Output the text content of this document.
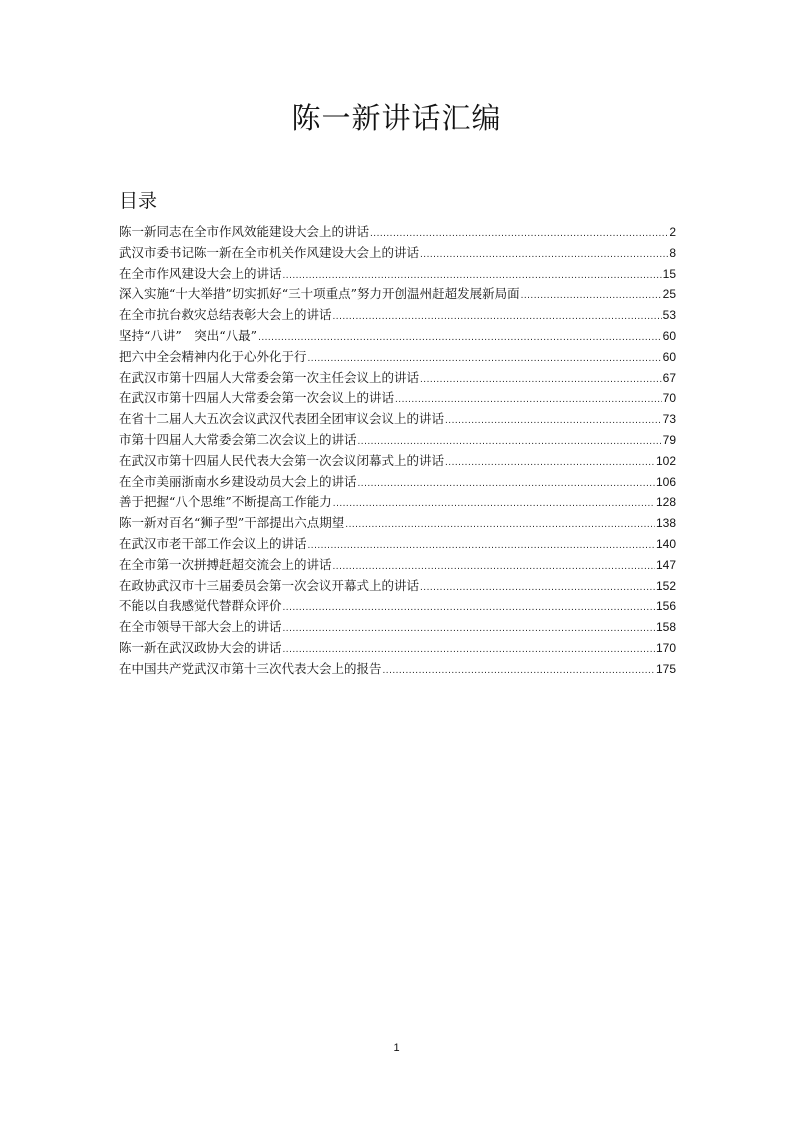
陈一新讲话汇编
目录
陈一新同志在全市作风效能建设大会上的讲话 .....	2
武汉市委书记陈一新在全市机关作风建设大会上的讲话 .....	8
在全市作风建设大会上的讲话 .....	15
深入实施“十大举措”切实抓好“三十项重点”努力开创温州赶超发展新局面 .....	25
在全市抗台救灾总结表彰大会上的讲话 .....	53
坚持“八讲”　突出“八最” .....	60
把六中全会精神内化于心外化于行 .....	60
在武汉市第十四届人大常委会第一次主任会议上的讲话 .....	67
在武汉市第十四届人大常委会第一次会议上的讲话 .....	70
在省十二届人大五次会议武汉代表团全团审议会议上的讲话 .....	73
市第十四届人大常委会第二次会议上的讲话 .....	79
在武汉市第十四届人民代表大会第一次会议闭幕式上的讲话 .....	102
在全市美丽浙南水乡建设动员大会上的讲话 .....	106
善于把握“八个思维”不断提高工作能力 .....	128
陈一新对百名“狮子型”干部提出六点期望 .....	138
在武汉市老干部工作会议上的讲话 .....	140
在全市第一次拼搏赶超交流会上的讲话 .....	147
在政协武汉市十三届委员会第一次会议开幕式上的讲话 .....	152
不能以自我感觉代替群众评价 .....	156
在全市领导干部大会上的讲话 .....	158
陈一新在武汉政协大会的讲话 .....	170
在中国共产党武汉市第十三次代表大会上的报告 .....	175
1
